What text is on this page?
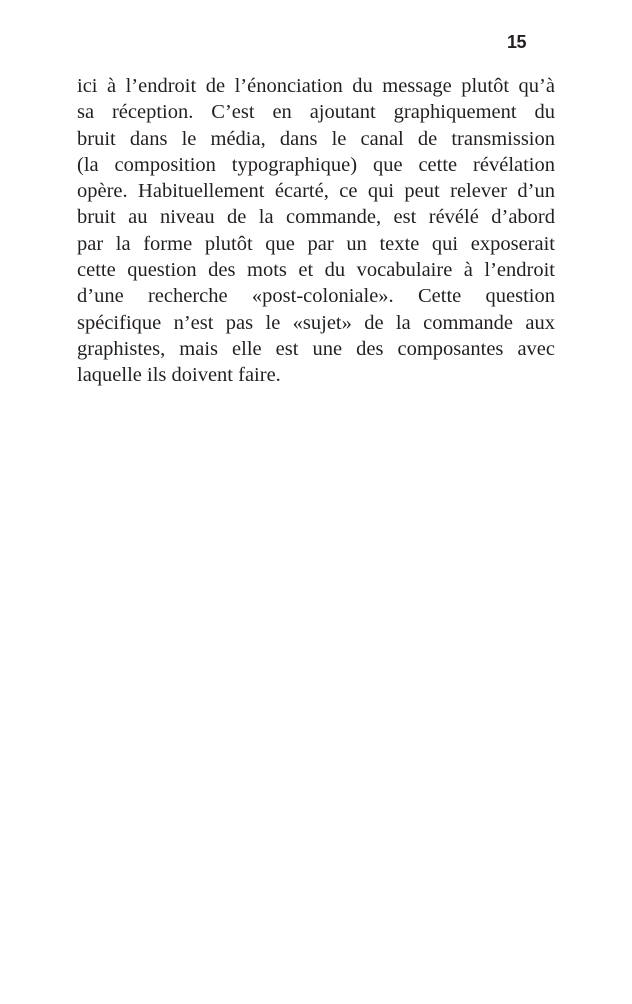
15
ici à l’endroit de l’énonciation du message plutôt qu’à
sa réception. C’est en ajoutant graphiquement du
bruit dans le média, dans le canal de transmission
(la composition typographique) que cette révélation
opère. Habituellement écarté, ce qui peut relever d’un
bruit au niveau de la commande, est révélé d’abord
par la forme plutôt que par un texte qui exposerait
cette question des mots et du vocabulaire à l’endroit
d’une recherche «post-coloniale». Cette question
spécifique n’est pas le «sujet» de la commande aux
graphistes, mais elle est une des composantes avec
laquelle ils doivent faire.
